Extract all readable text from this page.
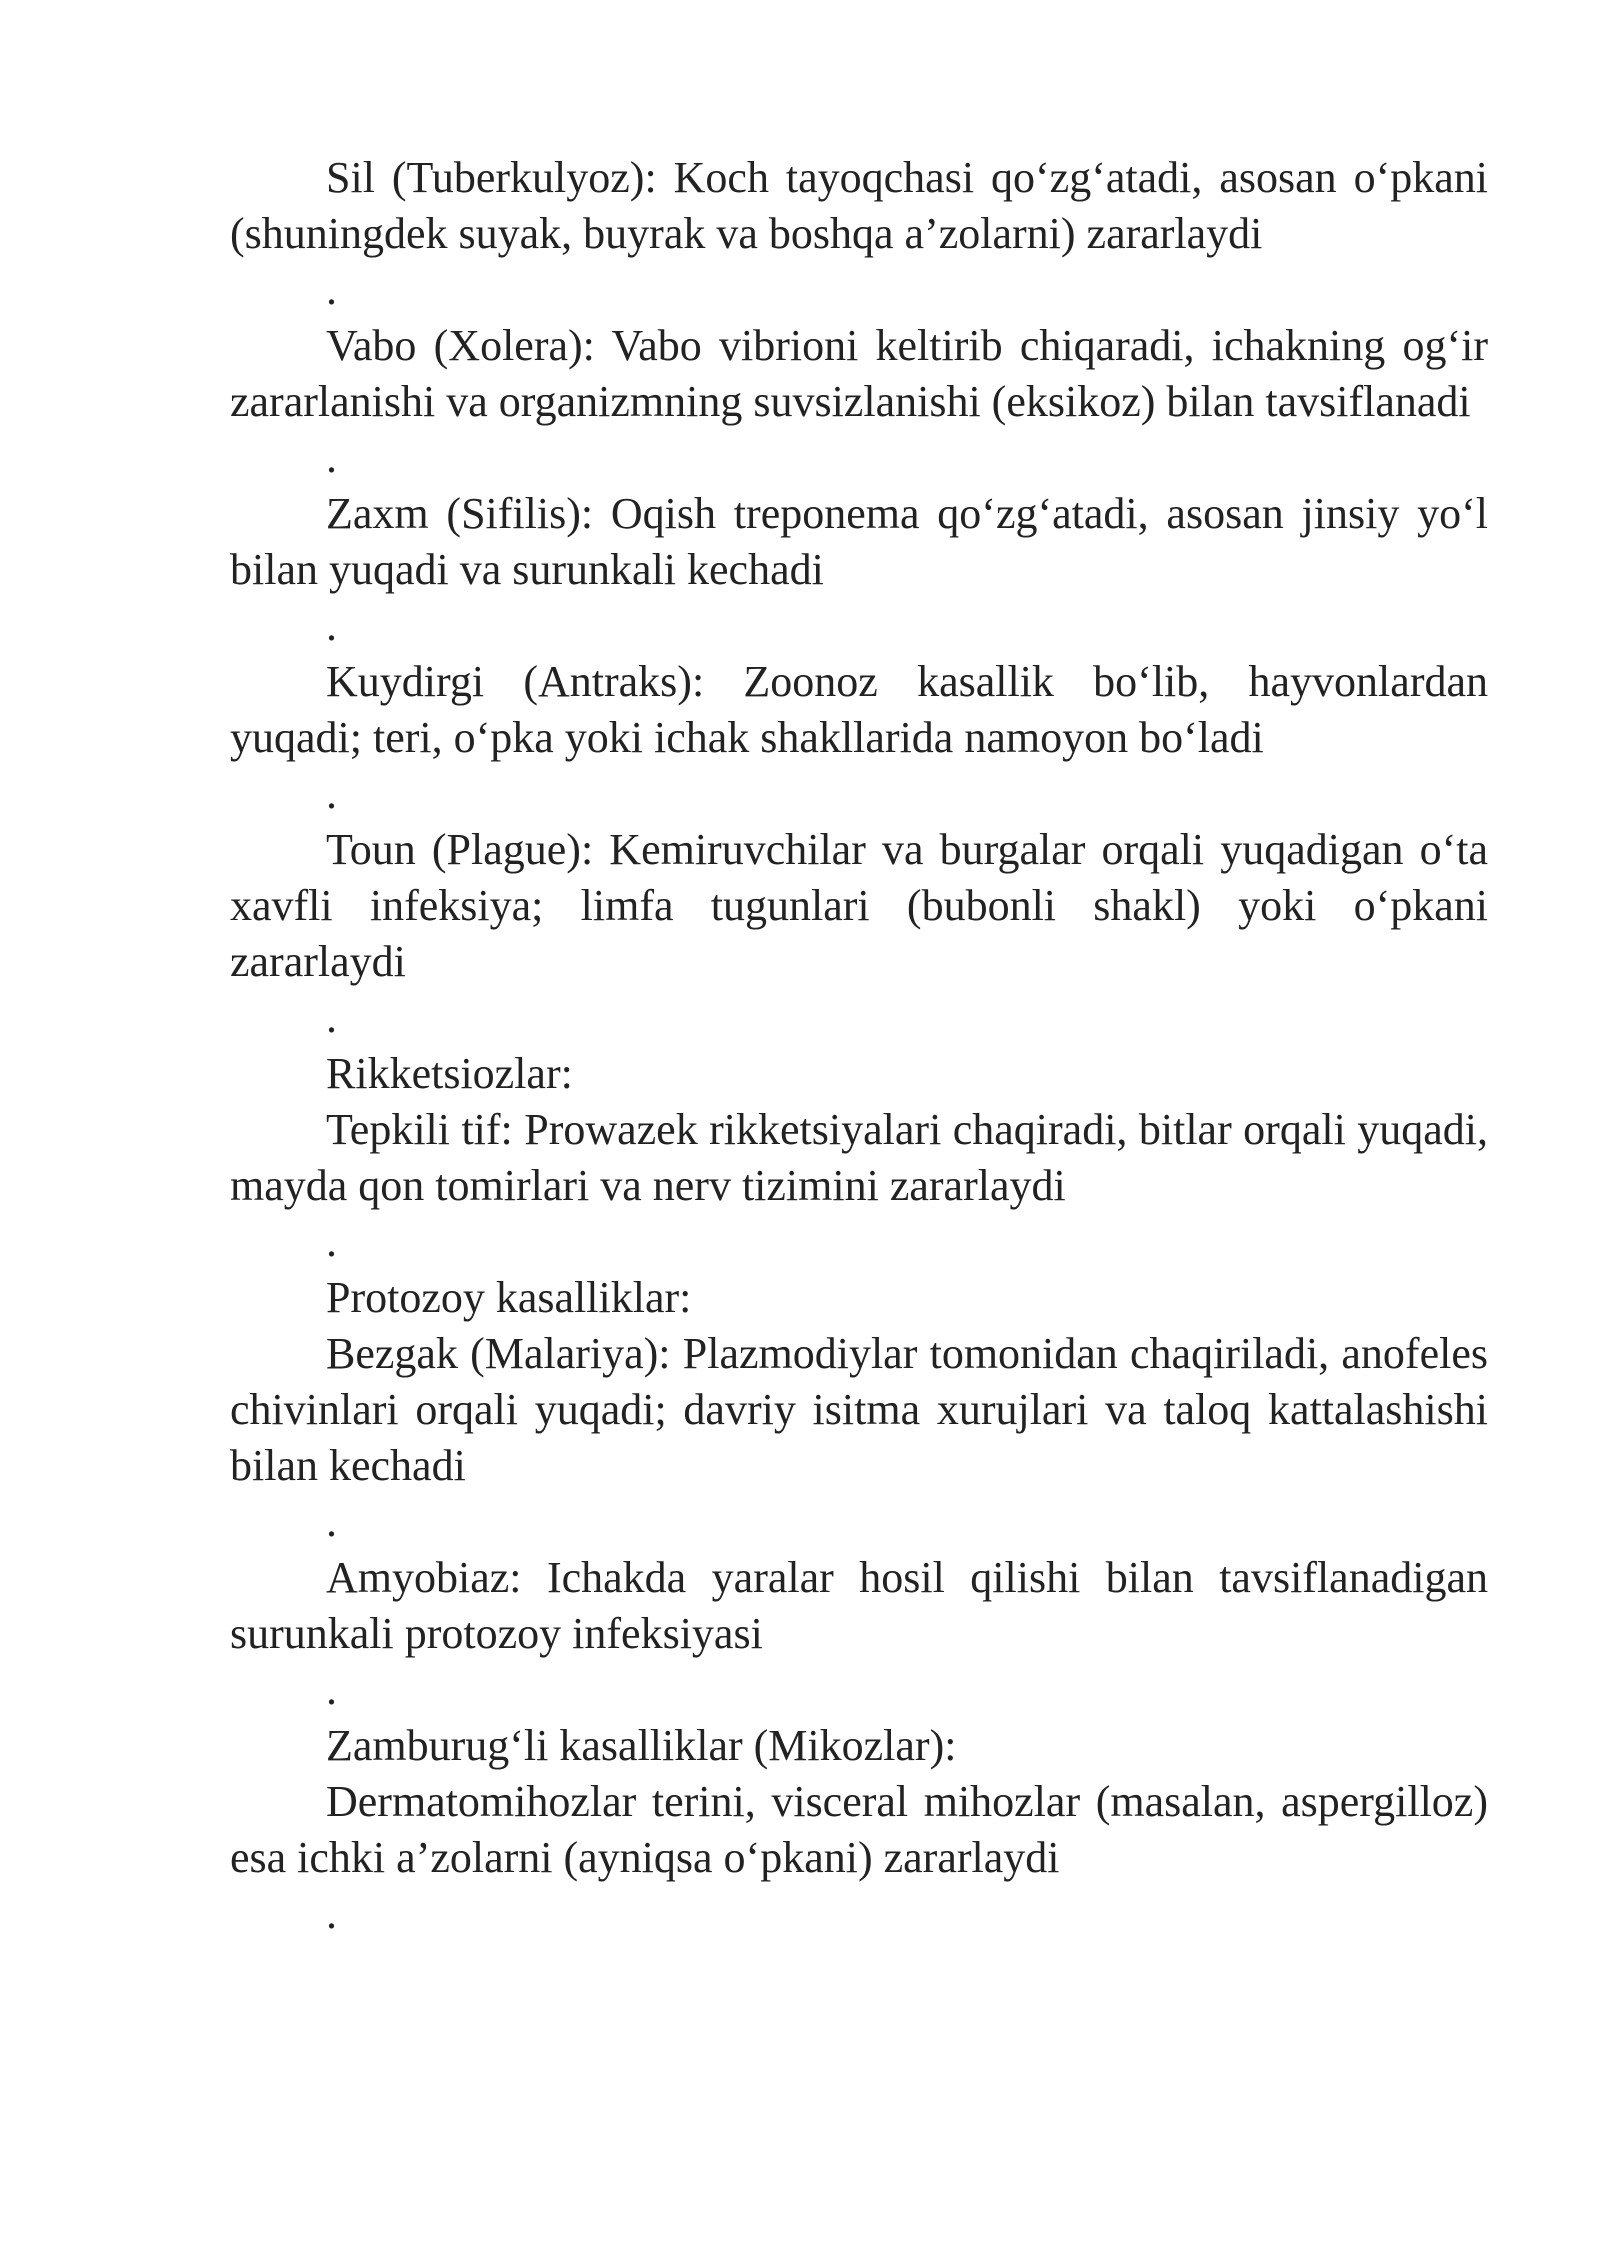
Sil (Tuberkulyoz): Koch tayoqchasi qo‘zg‘atadi, asosan o‘pkani (shuningdek suyak, buyrak va boshqa a’zolarni) zararlaydi

.

Vabo (Xolera): Vabo vibrioni keltirib chiqaradi, ichakning og‘ir zararlanishi va organizmning suvsizlanishi (eksikoz) bilan tavsiflanadi

.

Zaxm (Sifilis): Oqish treponema qo‘zg‘atadi, asosan jinsiy yo‘l bilan yuqadi va surunkali kechadi

.

Kuydirgi (Antraks): Zoonoz kasallik bo‘lib, hayvonlardan yuqadi; teri, o‘pka yoki ichak shakllarida namoyon bo‘ladi

.

Toun (Plague): Kemiruvchilar va burgalar orqali yuqadigan o‘ta xavfli infeksiya; limfa tugunlari (bubonli shakl) yoki o‘pkani zararlaydi

.

Rikketsiozlar:

Tepkili tif: Prowazek rikketsiyalari chaqiradi, bitlar orqali yuqadi, mayda qon tomirlari va nerv tizimini zararlaydi

.

Protozoy kasalliklar:

Bezgak (Malariya): Plazmodiylar tomonidan chaqiriladi, anofeles chivinlari orqali yuqadi; davriy isitma xurujlari va taloq kattalashishi bilan kechadi

.

Amyobiaz: Ichakda yaralar hosil qilishi bilan tavsiflanadigan surunkali protozoy infeksiyasi

.

Zamburug‘li kasalliklar (Mikozlar):

Dermatomihozlar terini, visceral mihozlar (masalan, aspergilloz) esa ichki a’zolarni (ayniqsa o‘pkani) zararlaydi

.
